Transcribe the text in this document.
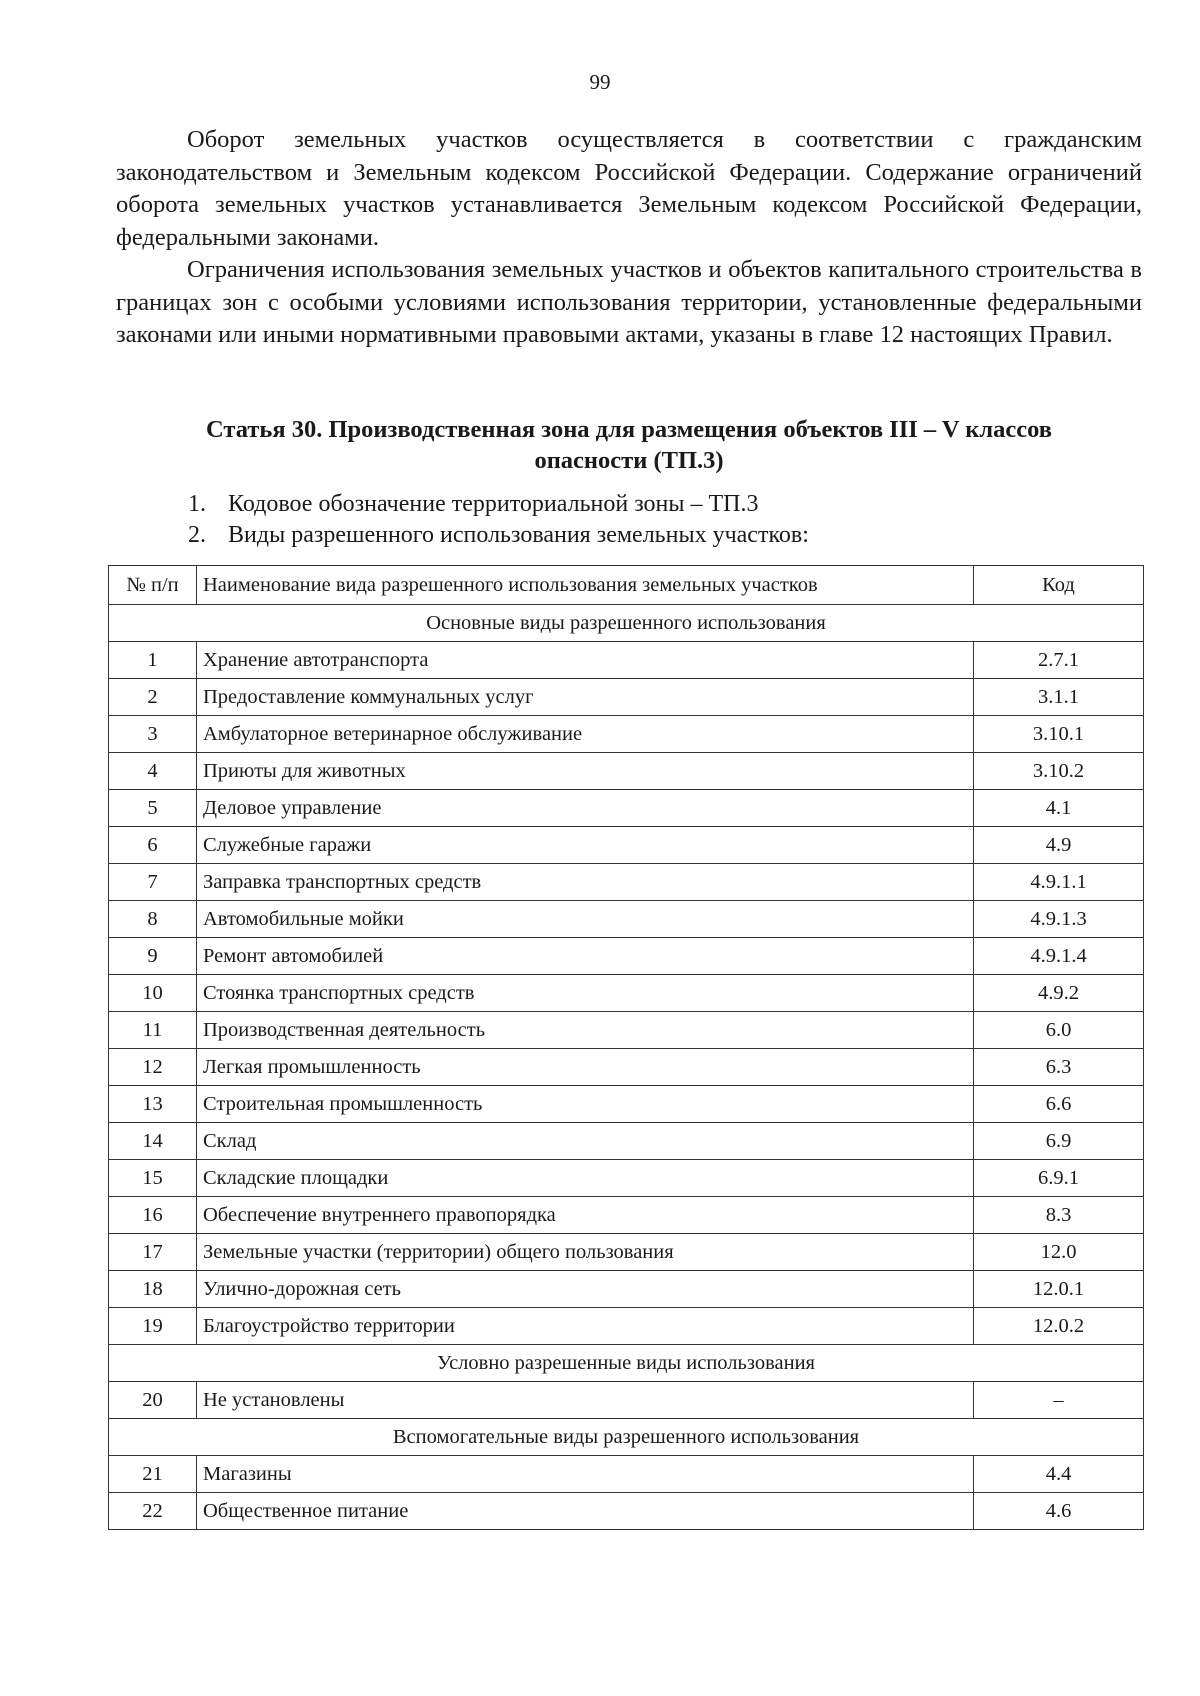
99

Оборот земельных участков осуществляется в соответствии с гражданским законодательством и Земельным кодексом Российской Федерации. Содержание ограничений оборота земельных участков устанавливается Земельным кодексом Российской Федерации, федеральными законами.

Ограничения использования земельных участков и объектов капитального строительства в границах зон с особыми условиями использования территории, установленные федеральными законами или иными нормативными правовыми актами, указаны в главе 12 настоящих Правил.

Статья 30. Производственная зона для размещения объектов III – V классов
опасности (ТП.3)
1. Кодовое обозначение территориальной зоны – ТП.3
2. Виды разрешенного использования земельных участков:
№ п/п	Наименование вида разрешенного использования земельных участков	Код
Основные виды разрешенного использования		
1	Хранение автотранспорта	2.7.1
2	Предоставление коммунальных услуг	3.1.1
3	Амбулаторное ветеринарное обслуживание	3.10.1
4	Приюты для животных	3.10.2
5	Деловое управление	4.1
6	Служебные гаражи	4.9
7	Заправка транспортных средств	4.9.1.1
8	Автомобильные мойки	4.9.1.3
9	Ремонт автомобилей	4.9.1.4
10	Стоянка транспортных средств	4.9.2
11	Производственная деятельность	6.0
12	Легкая промышленность	6.3
13	Строительная промышленность	6.6
14	Склад	6.9
15	Складские площадки	6.9.1
16	Обеспечение внутреннего правопорядка	8.3
17	Земельные участки (территории) общего пользования	12.0
18	Улично-дорожная сеть	12.0.1
19	Благоустройство территории	12.0.2
Условно разрешенные виды использования		
20	Не установлены	–
Вспомогательные виды разрешенного использования		
21	Магазины	4.4
22	Общественное питание	4.6
